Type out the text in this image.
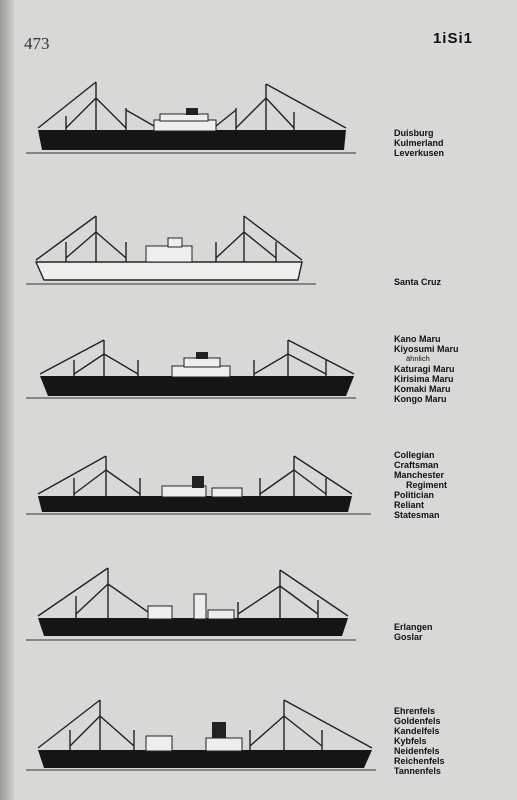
473	1iSi1
Duisburg
Kulmerland
Leverkusen
Santa Cruz
Kano Maru
Kiyosumi Maru
ähnlich
Katuragi Maru
Kirisima Maru
Komaki Maru
Kongo Maru
Collegian
Craftsman
Manchester
Regiment
Politician
Reliant
Statesman
Erlangen
Goslar
Ehrenfels
Goldenfels
Kandelfels
Kybfels
Neidenfels
Reichenfels
Tannenfels
